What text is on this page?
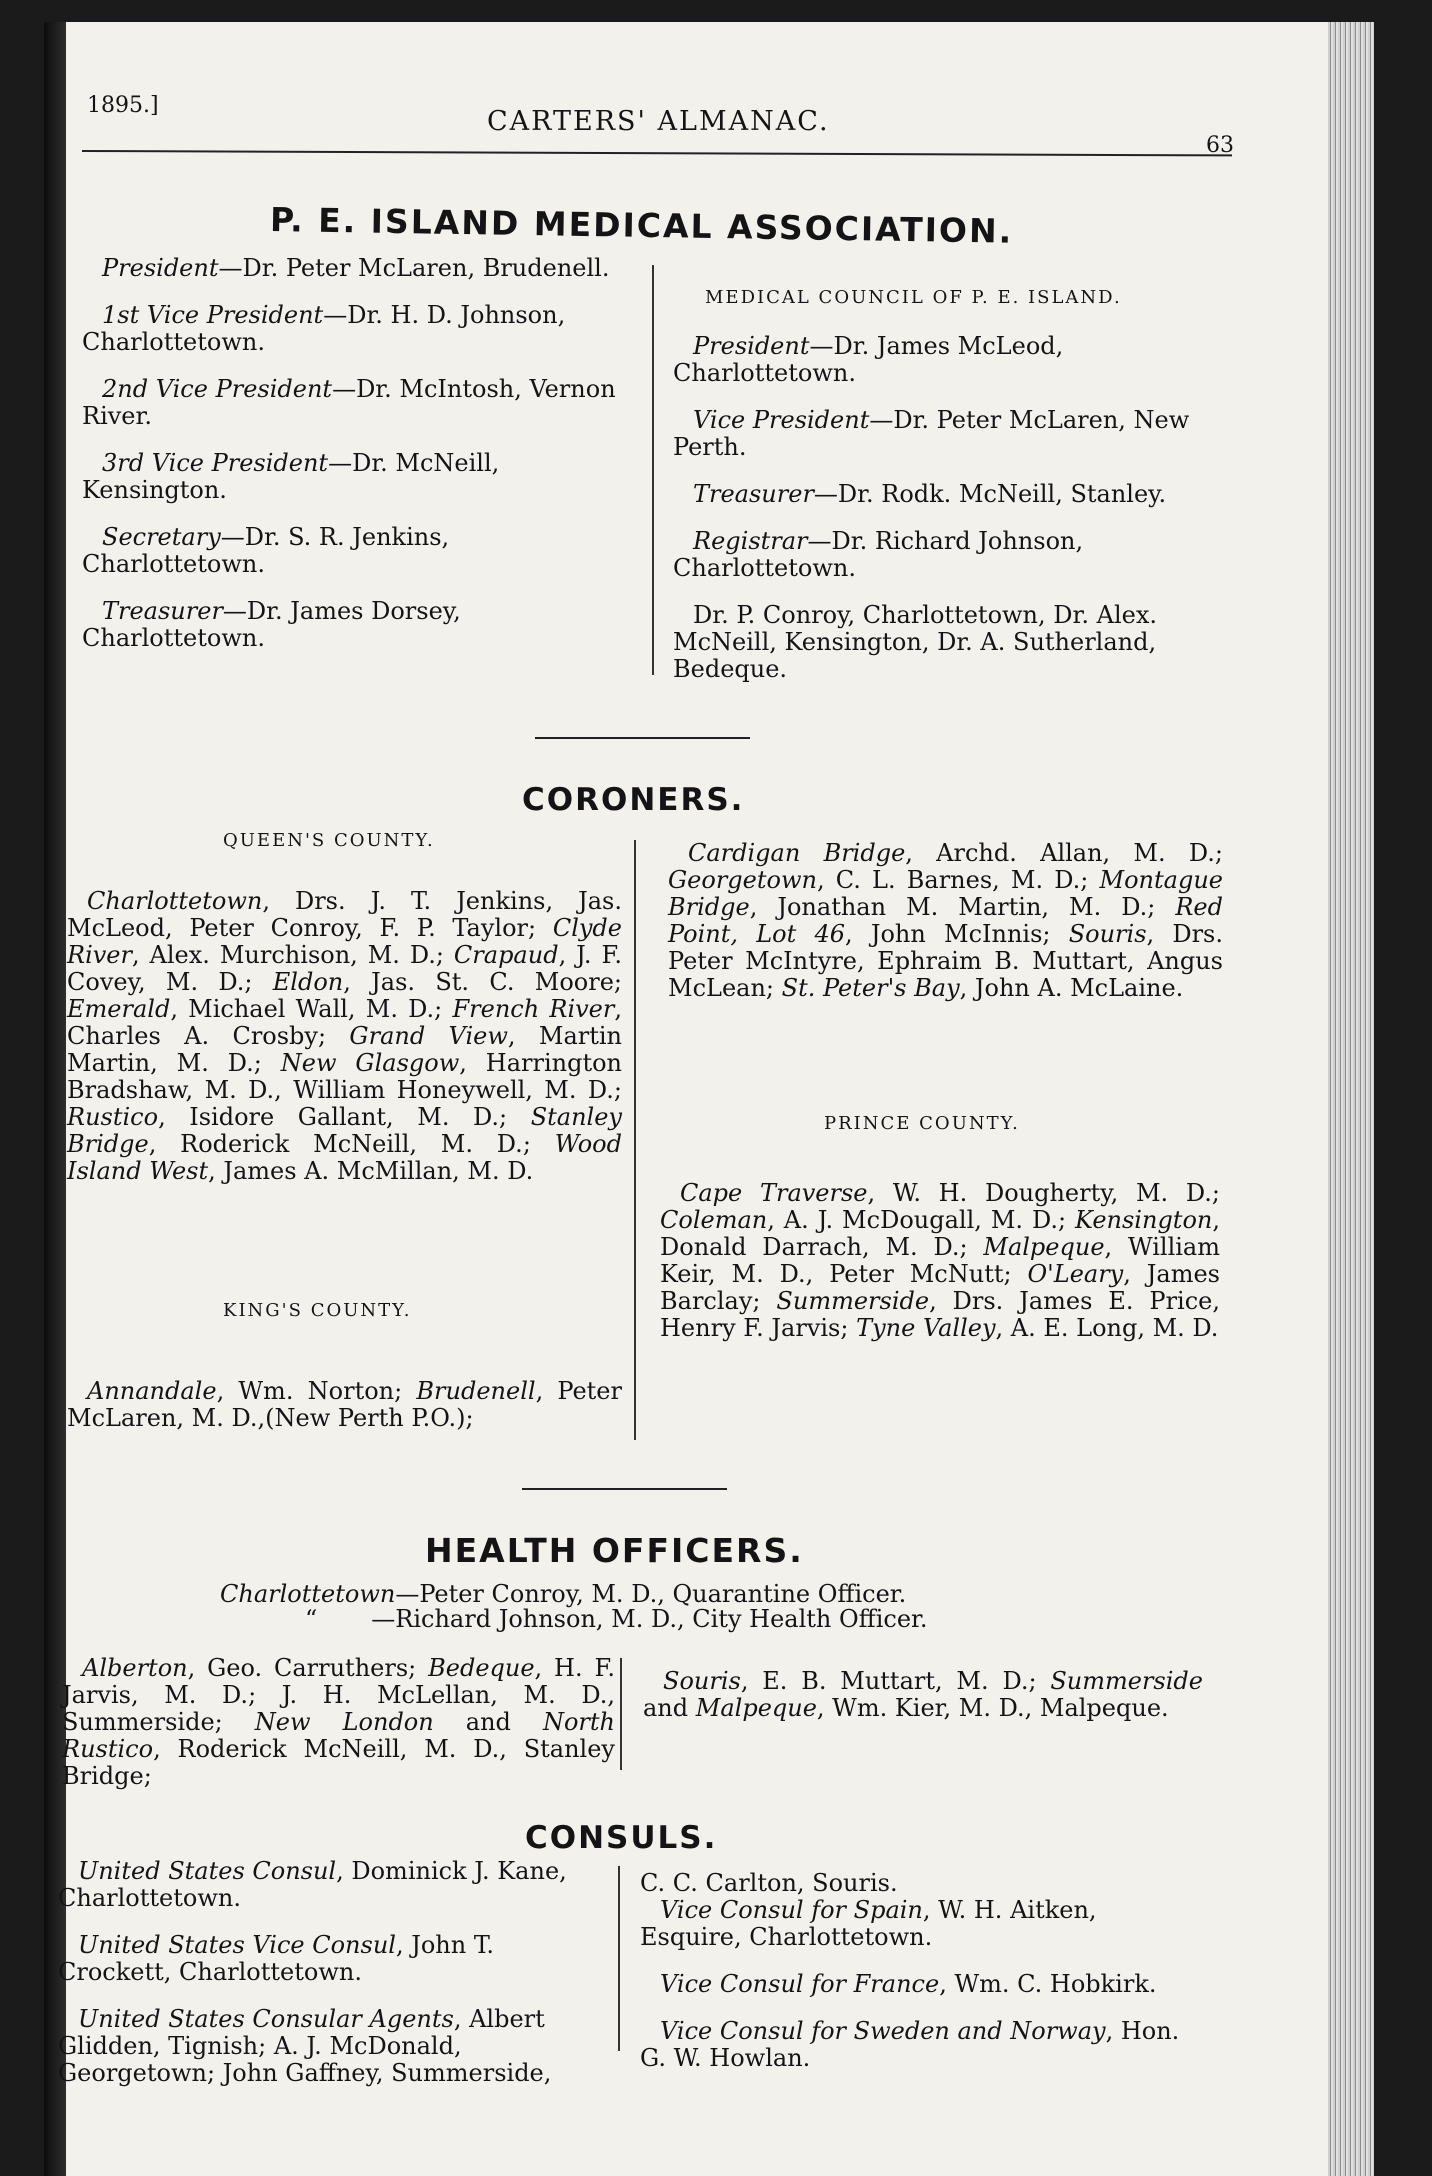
1895.]
CARTERS' ALMANAC.
63
P. E. ISLAND MEDICAL ASSOCIATION.
President—Dr. Peter McLaren, Brudenell.
1st Vice President—Dr. H. D. Johnson, Charlottetown.
2nd Vice President—Dr. McIntosh, Vernon River.
3rd Vice President—Dr. McNeill, Kensington.
Secretary—Dr. S. R. Jenkins, Charlottetown.
Treasurer—Dr. James Dorsey, Charlottetown.
MEDICAL COUNCIL OF P. E. ISLAND.
President—Dr. James McLeod, Charlottetown.
Vice President—Dr. Peter McLaren, New Perth.
Treasurer—Dr. Rodk. McNeill, Stanley.
Registrar—Dr. Richard Johnson, Charlottetown.
Dr. P. Conroy, Charlottetown, Dr. Alex. McNeill, Kensington, Dr. A. Sutherland, Bedeque.
CORONERS.
QUEEN'S COUNTY.
Charlottetown, Drs. J. T. Jenkins, Jas. McLeod, Peter Conroy, F. P. Taylor; Clyde River, Alex. Murchison, M. D.; Crapaud, J. F. Covey, M. D.; Eldon, Jas. St. C. Moore; Emerald, Michael Wall, M. D.; French River, Charles A. Crosby; Grand View, Martin Martin, M. D.; New Glasgow, Harrington Bradshaw, M. D., William Honeywell, M. D.; Rustico, Isidore Gallant, M. D.; Stanley Bridge, Roderick McNeill, M. D.; Wood Island West, James A. McMillan, M. D.
KING'S COUNTY.
Annandale, Wm. Norton; Brudenell, Peter McLaren, M. D.,(New Perth P.O.);
Cardigan Bridge, Archd. Allan, M. D.; Georgetown, C. L. Barnes, M. D.; Montague Bridge, Jonathan M. Martin, M. D.; Red Point, Lot 46, John McInnis; Souris, Drs. Peter McIntyre, Ephraim B. Muttart, Angus McLean; St. Peter's Bay, John A. McLaine.
PRINCE COUNTY.
Cape Traverse, W. H. Dougherty, M. D.; Coleman, A. J. McDougall, M. D.; Kensington, Donald Darrach, M. D.; Malpeque, William Keir, M. D., Peter McNutt; O'Leary, James Barclay; Summerside, Drs. James E. Price, Henry F. Jarvis; Tyne Valley, A. E. Long, M. D.
HEALTH OFFICERS.
Charlottetown—Peter Conroy, M. D., Quarantine Officer.
“ —Richard Johnson, M. D., City Health Officer.
Alberton, Geo. Carruthers; Bedeque, H. F. Jarvis, M. D.; J. H. McLellan, M. D., Summerside; New London and North Rustico, Roderick McNeill, M. D., Stanley Bridge;
Souris, E. B. Muttart, M. D.; Summerside and Malpeque, Wm. Kier, M. D., Malpeque.
CONSULS.
United States Consul, Dominick J. Kane, Charlottetown.
United States Vice Consul, John T. Crockett, Charlottetown.
United States Consular Agents, Albert Glidden, Tignish; A. J. McDonald, Georgetown; John Gaffney, Summerside,
C. C. Carlton, Souris.

Vice Consul for Spain, W. H. Aitken, Esquire, Charlottetown.
Vice Consul for France, Wm. C. Hobkirk.
Vice Consul for Sweden and Norway, Hon. G. W. Howlan.
